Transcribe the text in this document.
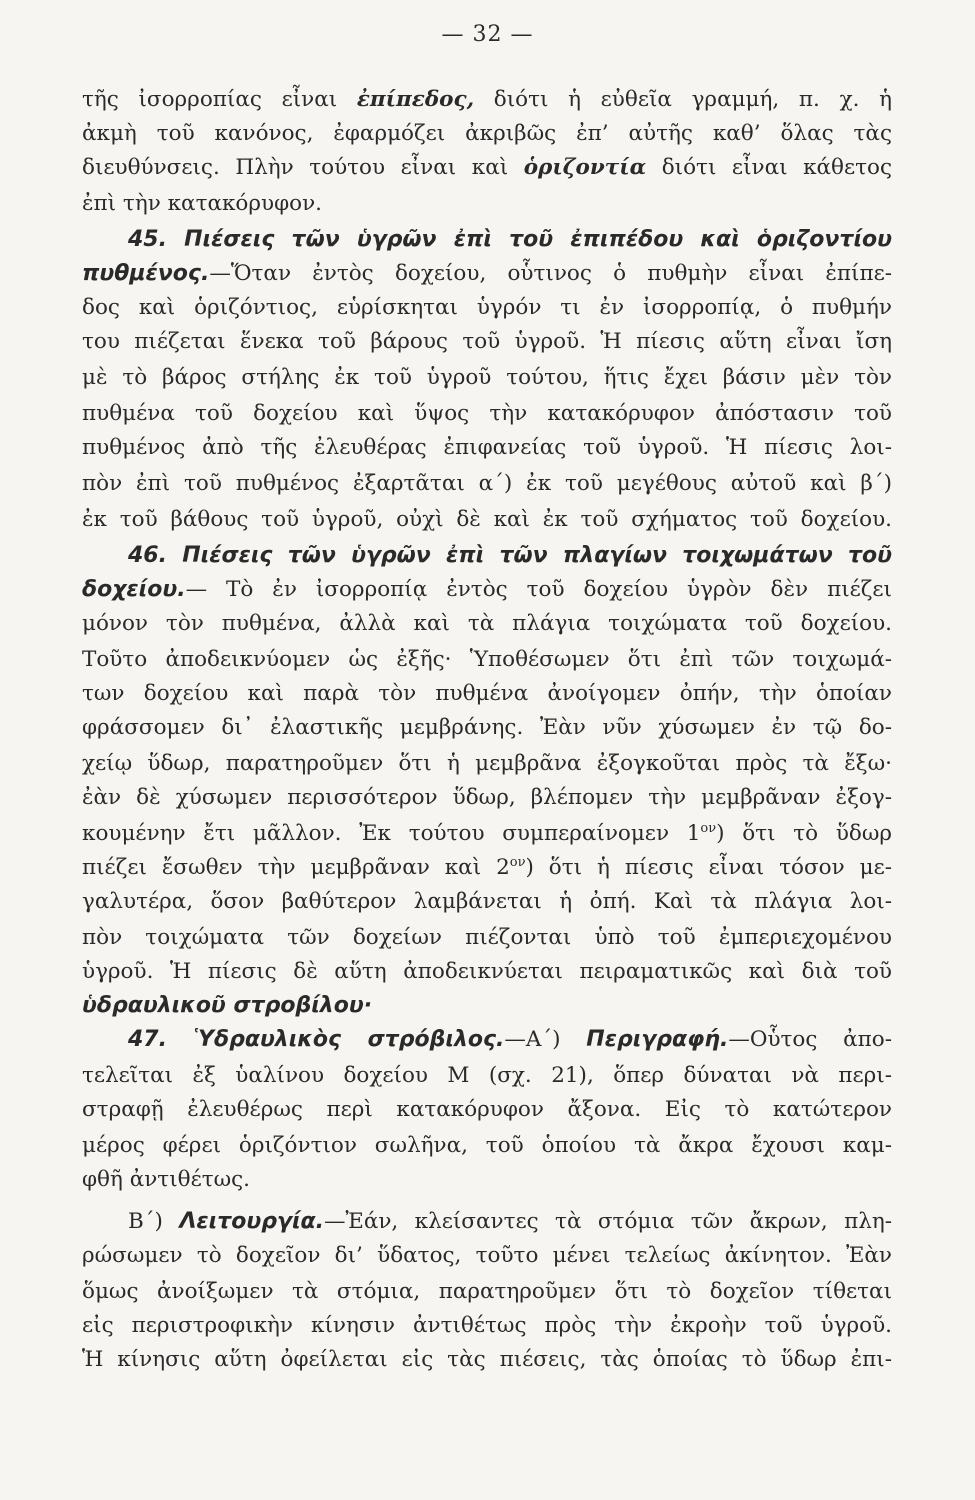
— 32 —
τῆς ἰσορροπίας εἶναι ἐπίπεδος, διότι ἡ εὐθεῖα γραμμή, π. χ. ἡ
ἀκμὴ τοῦ κανόνος, ἐφαρμόζει ἀκριβῶς ἐπ’ αὐτῆς καθ’ ὅλας τὰς
διευθύνσεις. Πλὴν τούτου εἶναι καὶ ὁριζοντία διότι εἶναι κάθετος
ἐπὶ τὴν κατακόρυφον.
45. Πιέσεις τῶν ὑγρῶν ἐπὶ τοῦ ἐπιπέδου καὶ ὁριζοντίου
πυθμένος.—Ὅταν ἐντὸς δοχείου, οὗτινος ὁ πυθμὴν εἶναι ἐπίπε-
δος καὶ ὁριζόντιος, εὑρίσκηται ὑγρόν τι ἐν ἰσορροπίᾳ, ὁ πυθμήν
του πιέζεται ἕνεκα τοῦ βάρους τοῦ ὑγροῦ. Ἡ πίεσις αὕτη εἶναι ἴση
μὲ τὸ βάρος στήλης ἐκ τοῦ ὑγροῦ τούτου, ἥτις ἔχει βάσιν μὲν τὸν
πυθμένα τοῦ δοχείου καὶ ὕψος τὴν κατακόρυφον ἀπόστασιν τοῦ
πυθμένος ἀπὸ τῆς ἐλευθέρας ἐπιφανείας τοῦ ὑγροῦ. Ἡ πίεσις λοι-
πὸν ἐπὶ τοῦ πυθμένος ἐξαρτᾶται α΄) ἐκ τοῦ μεγέθους αὐτοῦ καὶ β΄)
ἐκ τοῦ βάθους τοῦ ὑγροῦ, οὐχὶ δὲ καὶ ἐκ τοῦ σχήματος τοῦ δοχείου.
46. Πιέσεις τῶν ὑγρῶν ἐπὶ τῶν πλαγίων τοιχωμάτων τοῦ
δοχείου.— Τὸ ἐν ἰσορροπίᾳ ἐντὸς τοῦ δοχείου ὑγρὸν δὲν πιέζει
μόνον τὸν πυθμένα, ἀλλὰ καὶ τὰ πλάγια τοιχώματα τοῦ δοχείου.
Τοῦτο ἀποδεικνύομεν ὡς ἐξῆς· Ὑποθέσωμεν ὅτι ἐπὶ τῶν τοιχωμά-
των δοχείου καὶ παρὰ τὸν πυθμένα ἀνοίγομεν ὀπήν, τὴν ὁποίαν
φράσσομεν δι᾽ ἐλαστικῆς μεμβράνης. Ἐὰν νῦν χύσωμεν ἐν τῷ δο-
χείῳ ὕδωρ, παρατηροῦμεν ὅτι ἡ μεμβρᾶνα ἐξογκοῦται πρὸς τὰ ἔξω·
ἐὰν δὲ χύσωμεν περισσότερον ὕδωρ, βλέπομεν τὴν μεμβρᾶναν ἐξογ-
κουμένην ἔτι μᾶλλον. Ἐκ τούτου συμπεραίνομεν $1^{o\nu}$) ὅτι τὸ ὕδωρ
πιέζει ἔσωθεν τὴν μεμβρᾶναν καὶ $2^{o\nu}$) ὅτι ἡ πίεσις εἶναι τόσον με-
γαλυτέρα, ὅσον βαθύτερον λαμβάνεται ἡ ὀπή. Καὶ τὰ πλάγια λοι-
πὸν τοιχώματα τῶν δοχείων πιέζονται ὑπὸ τοῦ ἐμπεριεχομένου
ὑγροῦ. Ἡ πίεσις δὲ αὕτη ἀποδεικνύεται πειραματικῶς καὶ διὰ τοῦ
ὑδραυλικοῦ στροβίλου·
47. Ὑδραυλικὸς στρόβιλος.—Α΄) Περιγραφή.—Οὗτος ἀπο-
τελεῖται ἐξ ὑαλίνου δοχείου Μ (σχ. 21), ὅπερ δύναται νὰ περι-
στραφῇ ἐλευθέρως περὶ κατακόρυφον ἄξονα. Εἰς τὸ κατώτερον
μέρος φέρει ὁριζόντιον σωλῆνα, τοῦ ὁποίου τὰ ἄκρα ἔχουσι καμ-
φθῆ ἀντιθέτως.
Β΄) Λειτουργία.—Ἐάν, κλείσαντες τὰ στόμια τῶν ἄκρων, πλη-
ρώσωμεν τὸ δοχεῖον δι’ ὕδατος, τοῦτο μένει τελείως ἀκίνητον. Ἐὰν
ὅμως ἀνοίξωμεν τὰ στόμια, παρατηροῦμεν ὅτι τὸ δοχεῖον τίθεται
εἰς περιστροφικὴν κίνησιν ἀντιθέτως πρὸς τὴν ἐκροὴν τοῦ ὑγροῦ.
Ἡ κίνησις αὕτη ὀφείλεται εἰς τὰς πιέσεις, τὰς ὁποίας τὸ ὕδωρ ἐπι-
